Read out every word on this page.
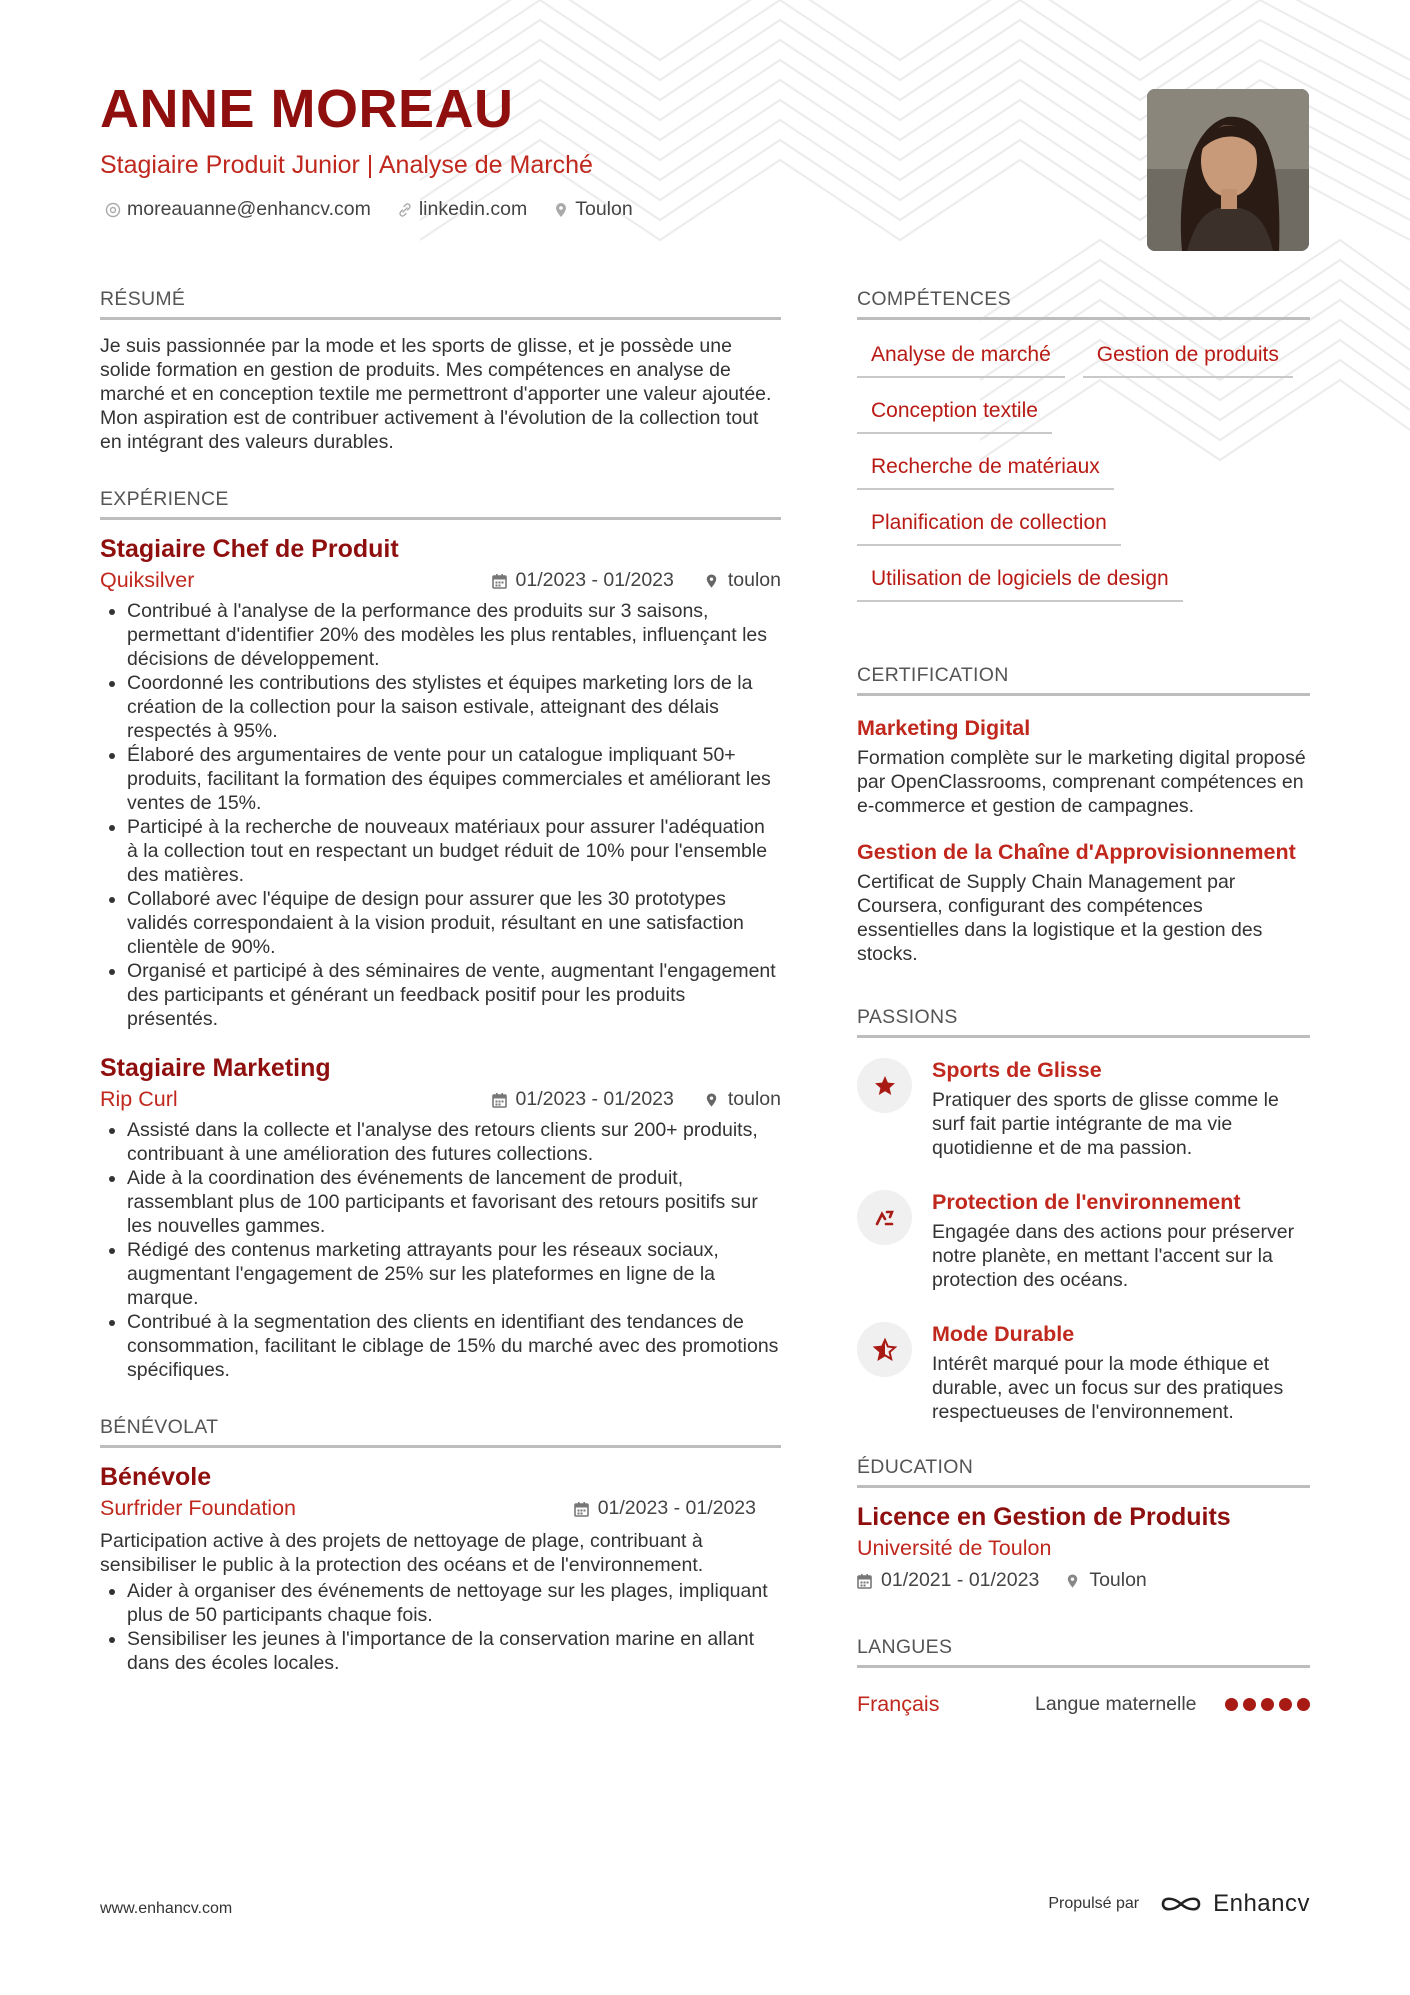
ANNE MOREAU
Stagiaire Produit Junior | Analyse de Marché
moreauanne@enhancv.com linkedin.com Toulon
RÉSUMÉ

Je suis passionnée par la mode et les sports de glisse, et je possède une solide formation en gestion de produits. Mes compétences en analyse de marché et en conception textile me permettront d'apporter une valeur ajoutée. Mon aspiration est de contribuer activement à l'évolution de la collection tout en intégrant des valeurs durables.

EXPÉRIENCE
Stagiaire Chef de Produit
Quiksilver	01/2023 - 01/2023	toulon
• Contribué à l'analyse de la performance des produits sur 3 saisons, permettant d'identifier 20% des modèles les plus rentables, influençant les décisions de développement.
• Coordonné les contributions des stylistes et équipes marketing lors de la création de la collection pour la saison estivale, atteignant des délais respectés à 95%.
• Élaboré des argumentaires de vente pour un catalogue impliquant 50+ produits, facilitant la formation des équipes commerciales et améliorant les ventes de 15%.
• Participé à la recherche de nouveaux matériaux pour assurer l'adéquation à la collection tout en respectant un budget réduit de 10% pour l'ensemble des matières.
• Collaboré avec l'équipe de design pour assurer que les 30 prototypes validés correspondaient à la vision produit, résultant en une satisfaction clientèle de 90%.
• Organisé et participé à des séminaires de vente, augmentant l'engagement des participants et générant un feedback positif pour les produits présentés.
Stagiaire Marketing
Rip Curl	01/2023 - 01/2023	toulon
• Assisté dans la collecte et l'analyse des retours clients sur 200+ produits, contribuant à une amélioration des futures collections.
• Aide à la coordination des événements de lancement de produit, rassemblant plus de 100 participants et favorisant des retours positifs sur les nouvelles gammes.
• Rédigé des contenus marketing attrayants pour les réseaux sociaux, augmentant l'engagement de 25% sur les plateformes en ligne de la marque.
• Contribué à la segmentation des clients en identifiant des tendances de consommation, facilitant le ciblage de 15% du marché avec des promotions spécifiques.
BÉNÉVOLAT
Bénévole
Surfrider Foundation	01/2023 - 01/2023

Participation active à des projets de nettoyage de plage, contribuant à sensibiliser le public à la protection des océans et de l'environnement.

• Aider à organiser des événements de nettoyage sur les plages, impliquant plus de 50 participants chaque fois.
• Sensibiliser les jeunes à l'importance de la conservation marine en allant dans des écoles locales.
COMPÉTENCES
Analyse de marché	Gestion de produits
Conception textile
Recherche de matériaux
Planification de collection
Utilisation de logiciels de design
CERTIFICATION
Marketing Digital

Formation complète sur le marketing digital proposé par OpenClassrooms, comprenant compétences en e-commerce et gestion de campagnes.

Gestion de la Chaîne d'Approvisionnement

Certificat de Supply Chain Management par Coursera, configurant des compétences essentielles dans la logistique et la gestion des stocks.

PASSIONS
Sports de Glisse

Pratiquer des sports de glisse comme le surf fait partie intégrante de ma vie quotidienne et de ma passion.

Protection de l'environnement

Engagée dans des actions pour préserver notre planète, en mettant l'accent sur la protection des océans.

Mode Durable

Intérêt marqué pour la mode éthique et durable, avec un focus sur des pratiques respectueuses de l'environnement.

ÉDUCATION
Licence en Gestion de Produits
Université de Toulon
01/2021 - 01/2023	Toulon
LANGUES
Français	Langue maternelle
www.enhancv.com	Propulsé par	Enhancv
